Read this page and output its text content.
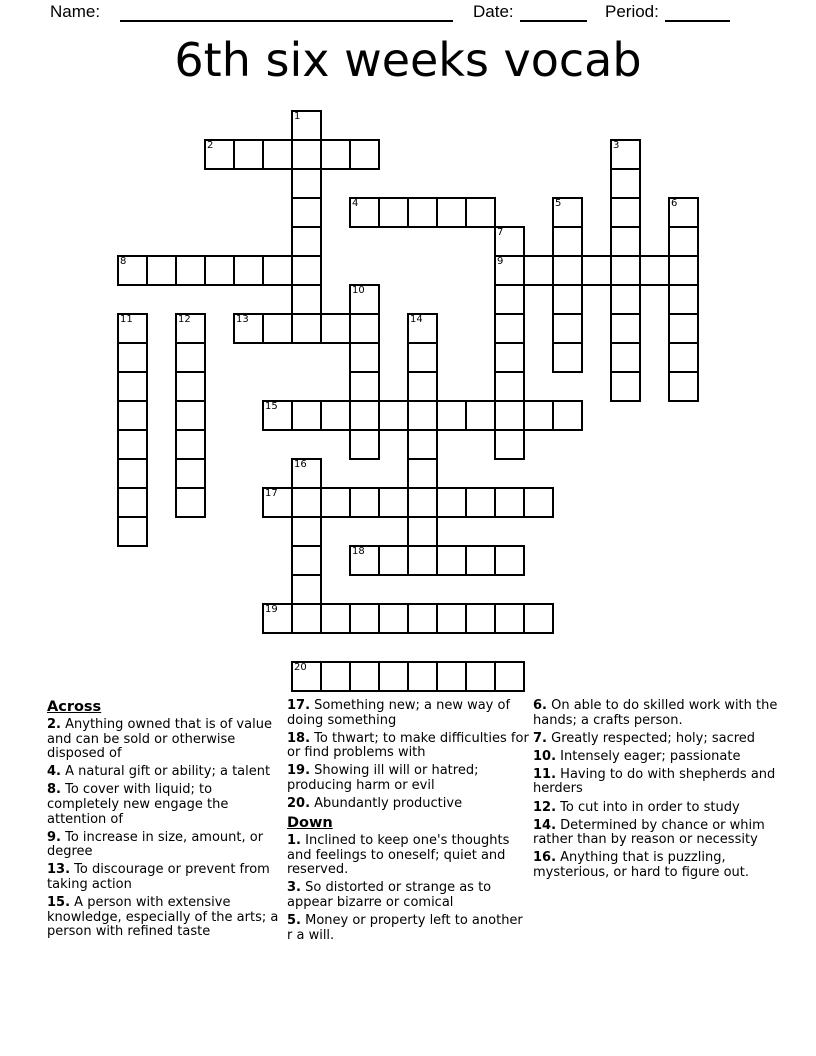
Name:	Date:	Period:
6th six weeks vocab
1
2	3
4	5	6
7
9
8
10
11	12	13	14
15
16
17
18
19
20

Across

2. Anything owned that is of value and can be sold or otherwise disposed of

4. A natural gift or ability; a talent

8. To cover with liquid; to completely new engage the attention of

9. To increase in size, amount, or degree

13. To discourage or prevent from taking action

15. A person with extensive knowledge, especially of the arts; a person with refined taste

17. Something new; a new way of doing something

18. To thwart; to make difficulties for or find problems with

19. Showing ill will or hatred; producing harm or evil

20. Abundantly productive

Down

1. Inclined to keep one's thoughts and feelings to oneself; quiet and reserved.

3. So distorted or strange as to appear bizarre or comical

5. Money or property left to another r a will.

6. On able to do skilled work with the hands; a crafts person.

7. Greatly respected; holy; sacred

10. Intensely eager; passionate

11. Having to do with shepherds and herders

12. To cut into in order to study

14. Determined by chance or whim rather than by reason or necessity

16. Anything that is puzzling, mysterious, or hard to figure out.
